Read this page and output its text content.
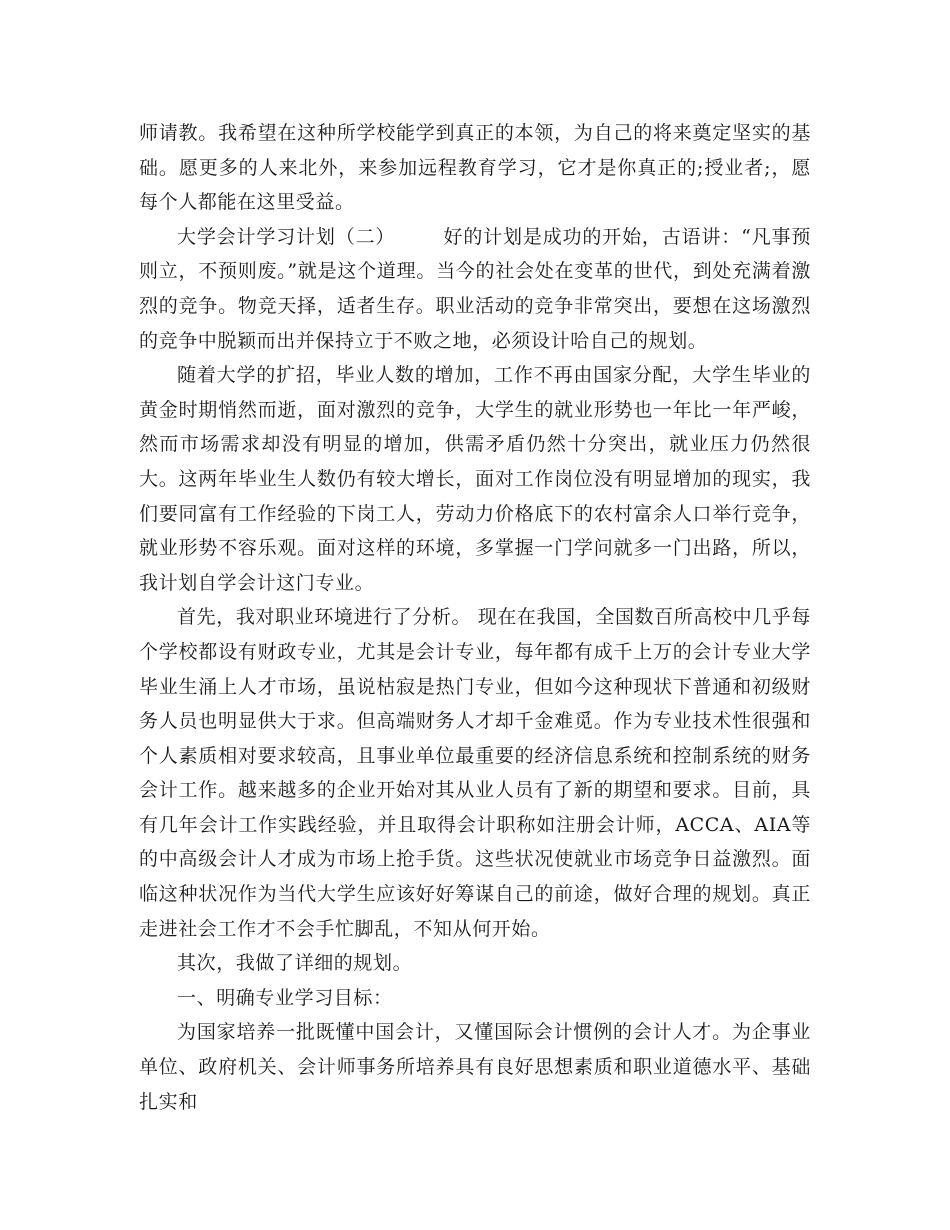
师请教。我希望在这种所学校能学到真正的本领，为自己的将来奠定坚实的基础。愿更多的人来北外，来参加远程教育学习，它才是你真正的;授业者;，愿每个人都能在这里受益。

大学会计学习计划（二）	好的计划是成功的开始，古语讲：“凡事预则立，不预则废。”就是这个道理。当今的社会处在变革的世代，到处充满着激烈的竞争。物竞天择，适者生存。职业活动的竞争非常突出，要想在这场激烈的竞争中脱颖而出并保持立于不败之地，必须设计哈自己的规划。

随着大学的扩招，毕业人数的增加，工作不再由国家分配，大学生毕业的黄金时期悄然而逝，面对激烈的竞争，大学生的就业形势也一年比一年严峻，然而市场需求却没有明显的增加，供需矛盾仍然十分突出，就业压力仍然很大。这两年毕业生人数仍有较大增长，面对工作岗位没有明显增加的现实，我们要同富有工作经验的下岗工人，劳动力价格底下的农村富余人口举行竞争，就业形势不容乐观。面对这样的环境，多掌握一门学问就多一门出路，所以，我计划自学会计这门专业。

首先，我对职业环境进行了分析。 现在在我国，全国数百所高校中几乎每个学校都设有财政专业，尤其是会计专业，每年都有成千上万的会计专业大学毕业生涌上人才市场，虽说枯寂是热门专业，但如今这种现状下普通和初级财务人员也明显供大于求。但高端财务人才却千金难觅。作为专业技术性很强和个人素质相对要求较高，且事业单位最重要的经济信息系统和控制系统的财务会计工作。越来越多的企业开始对其从业人员有了新的期望和要求。目前，具有几年会计工作实践经验，并且取得会计职称如注册会计师，ACCA、AIA等的中高级会计人才成为市场上抢手货。这些状况使就业市场竞争日益激烈。面临这种状况作为当代大学生应该好好筹谋自己的前途，做好合理的规划。真正走进社会工作才不会手忙脚乱，不知从何开始。

其次，我做了详细的规划。

一、明确专业学习目标：

为国家培养一批既懂中国会计，又懂国际会计惯例的会计人才。为企事业单位、政府机关、会计师事务所培养具有良好思想素质和职业道德水平、基础扎实和
